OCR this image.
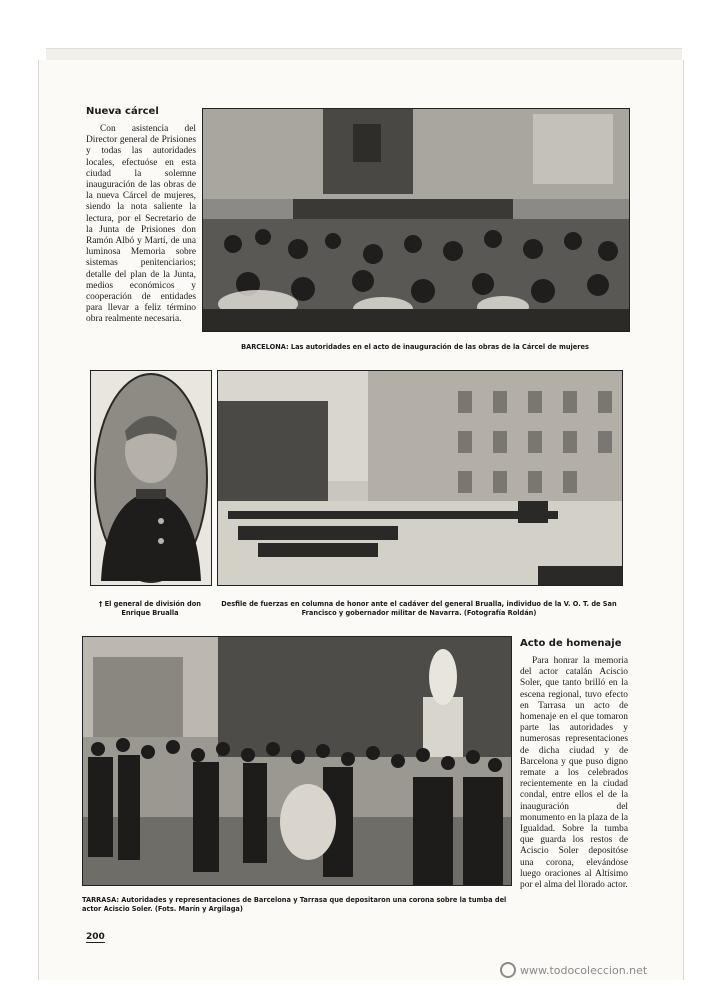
Nueva cárcel
Con asistencia del Director general de Prisiones y todas las autoridades locales, efectuóse en esta ciudad la solemne inauguración de las obras de la nueva Cárcel de mujeres, siendo la nota saliente la lectura, por el Secretario de la Junta de Prisiones don Ramón Albó y Martí, de una luminosa Memoria sobre sistemas penitenciarios; detalle del plan de la Junta, medios económicos y cooperación de entidades para llevar a feliz término obra realmente necesaria.
BARCELONA: Las autoridades en el acto de inauguración de las obras de la Cárcel de mujeres
† El general de división don Enrique Brualla
Desfile de fuerzas en columna de honor ante el cadáver del general Brualla, individuo de la V. O. T. de San Francisco y gobernador militar de Navarra. (Fotografía Roldán)
TARRASA: Autoridades y representaciones de Barcelona y Tarrasa que depositaron una corona sobre la tumba del actor Aciscio Soler. (Fots. Marín y Argilaga)
Acto de homenaje
Para honrar la memoria del actor catalán Aciscio Soler, que tanto brilló en la escena regional, tuvo efecto en Tarrasa un acto de homenaje en el que tomaron parte las autoridades y numerosas representaciones de dicha ciudad y de Barcelona y que puso digno remate a los celebrados recientemente en la ciudad condal, entre ellos el de la inauguración del monumento en la plaza de la Igualdad. Sobre la tumba que guarda los restos de Aciscio Soler depositóse una corona, elevándose luego oraciones al Altísimo por el alma del llorado actor.
200
www.todocoleccion.net
